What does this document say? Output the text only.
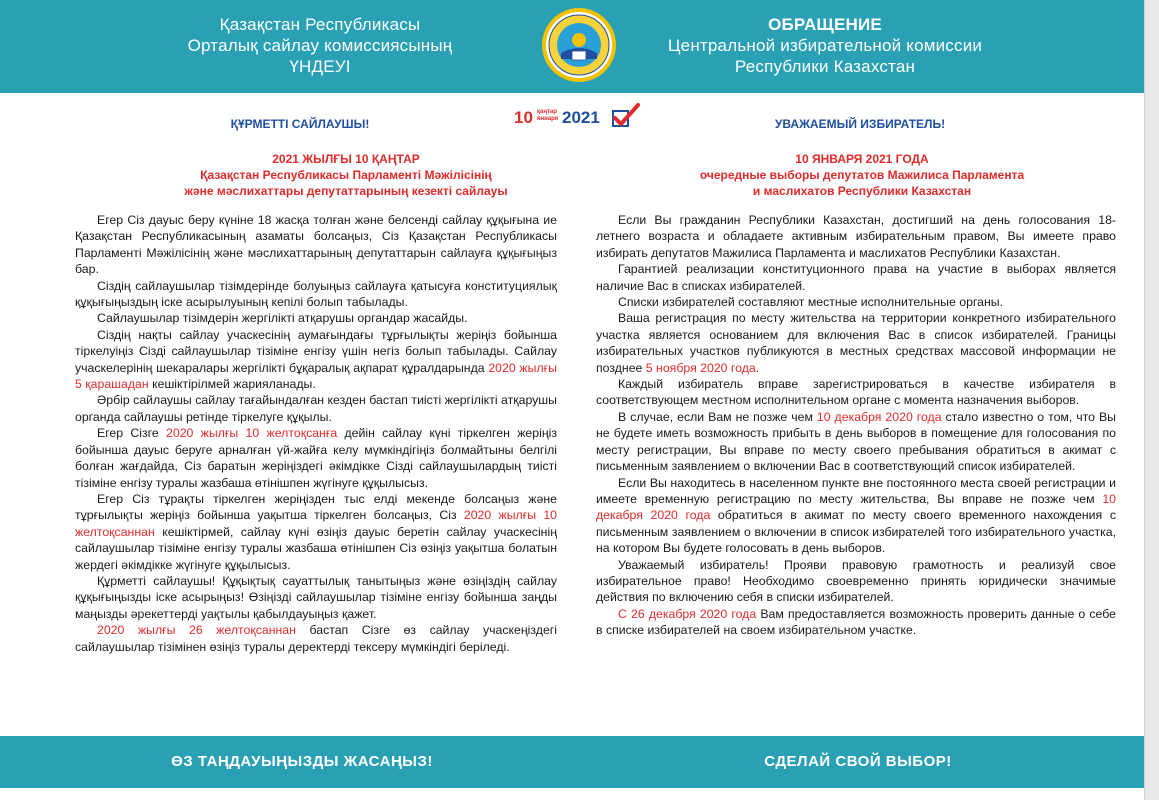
Қазақстан Республикасы
Орталық сайлау комиссиясының
ҮНДЕУІ
ОБРАЩЕНИЕ
Центральной избирательной комиссии
Республики Казахстан
ҚҰРМЕТТІ САЙЛАУШЫ!	10 қаңтар
января 2021	УВАЖАЕМЫЙ ИЗБИРАТЕЛЬ!
2021 ЖЫЛҒЫ 10 ҚАҢТАР
Қазақстан Республикасы Парламенті Мәжілісінің
және мәслихаттары депутаттарының кезекті сайлауы
10 ЯНВАРЯ 2021 ГОДА
очередные выборы депутатов Мажилиса Парламента
и маслихатов Республики Казахстан

Егер Сіз дауыс беру күніне 18 жасқа толған және белсенді сайлау құқығына ие Қазақстан Республикасының азаматы болсаңыз, Сіз Қазақстан Республикасы Парламенті Мәжілісінің және мәслихаттарының депутаттарын сайлауға құқығыңыз бар.

Сіздің сайлаушылар тізімдерінде болуыңыз сайлауға қатысуға конституциялық құқығыңыздың іске асырылуының кепілі болып табылады.

Сайлаушылар тізімдерін жергілікті атқарушы органдар жасайды.

Сіздің нақты сайлау учаскесінің аумағындағы тұрғылықты жеріңіз бойынша тіркелуіңіз Сіздi сайлаушылар тізіміне енгізу үшін негіз болып табылады. Сайлау учаскелерінің шекаралары жергілікті бұқаралық ақпарат құралдарында 2020 жылғы 5 қарашадан кешіктірілмей жарияланады.

Әрбір сайлаушы сайлау тағайындалған кезден бастап тиісті жергілікті атқарушы органда сайлаушы ретінде тіркелуге құқылы.

Егер Сізге 2020 жылғы 10 желтоқсанға дейін сайлау күні тіркелген жеріңіз бойынша дауыс беруге арналған үй-жайға келу мүмкіндігіңіз болмайтыны белгілі болған жағдайда, Сіз баратын жеріңіздегі әкімдікке Сізді сайлаушылардың тиісті тізіміне енгізу туралы жазбаша өтінішпен жүгінуге құқылысыз.

Егер Сіз тұрақты тіркелген жеріңізден тыс елді мекенде болсаңыз және тұрғылықты жеріңіз бойынша уақытша тіркелген болсаңыз, Сіз 2020 жылғы 10 желтоқсаннан кешіктірмей, сайлау күні өзіңіз дауыс беретін сайлау учаскесінің сайлаушылар тізіміне енгізу туралы жазбаша өтінішпен Сіз өзіңіз уақытша болатын жердегі әкімдікке жүгінуге құқылысыз.

Құрметті сайлаушы! Құқықтық сауаттылық танытыңыз және өзіңіздің сайлау құқығыңызды іске асырыңыз! Өзіңізді сайлаушылар тізіміне енгізу бойынша заңды маңызды әрекеттерді уақтылы қабылдауыңыз қажет.

2020 жылғы 26 желтоқсаннан бастап Сізге өз сайлау учаскеңіздегі сайлаушылар тізімінен өзіңіз туралы деректерді тексеру мүмкіндігі беріледі.

Если Вы гражданин Республики Казахстан, достигший на день голосования 18-летнего возраста и обладаете активным избирательным правом, Вы имеете право избирать депутатов Мажилиса Парламента и маслихатов Республики Казахстан.

Гарантией реализации конституционного права на участие в выборах является наличие Вас в списках избирателей.

Списки избирателей составляют местные исполнительные органы.

Ваша регистрация по месту жительства на территории конкретного избирательного участка является основанием для включения Вас в список избирателей. Границы избирательных участков публикуются в местных средствах массовой информации не позднее 5 ноября 2020 года.

Каждый избиратель вправе зарегистрироваться в качестве избирателя в соответствующем местном исполнительном органе с момента назначения выборов.

В случае, если Вам не позже чем 10 декабря 2020 года стало известно о том, что Вы не будете иметь возможность прибыть в день выборов в помещение для голосования по месту регистрации, Вы вправе по месту своего пребывания обратиться в акимат с письменным заявлением о включении Вас в соответствующий список избирателей.

Если Вы находитесь в населенном пункте вне постоянного места своей регистрации и имеете временную регистрацию по месту жительства, Вы вправе не позже чем 10 декабря 2020 года обратиться в акимат по месту своего временного нахождения с письменным заявлением о включении в список избирателей того избирательного участка, на котором Вы будете голосовать в день выборов.

Уважаемый избиратель! Прояви правовую грамотность и реализуй свое избирательное право! Необходимо своевременно принять юридически значимые действия по включению себя в списки избирателей.

С 26 декабря 2020 года Вам предоставляется возможность проверить данные о себе в списке избирателей на своем избирательном участке.

ӨЗ ТАҢДАУЫҢЫЗДЫ ЖАСАҢЫЗ!	СДЕЛАЙ СВОЙ ВЫБОР!
